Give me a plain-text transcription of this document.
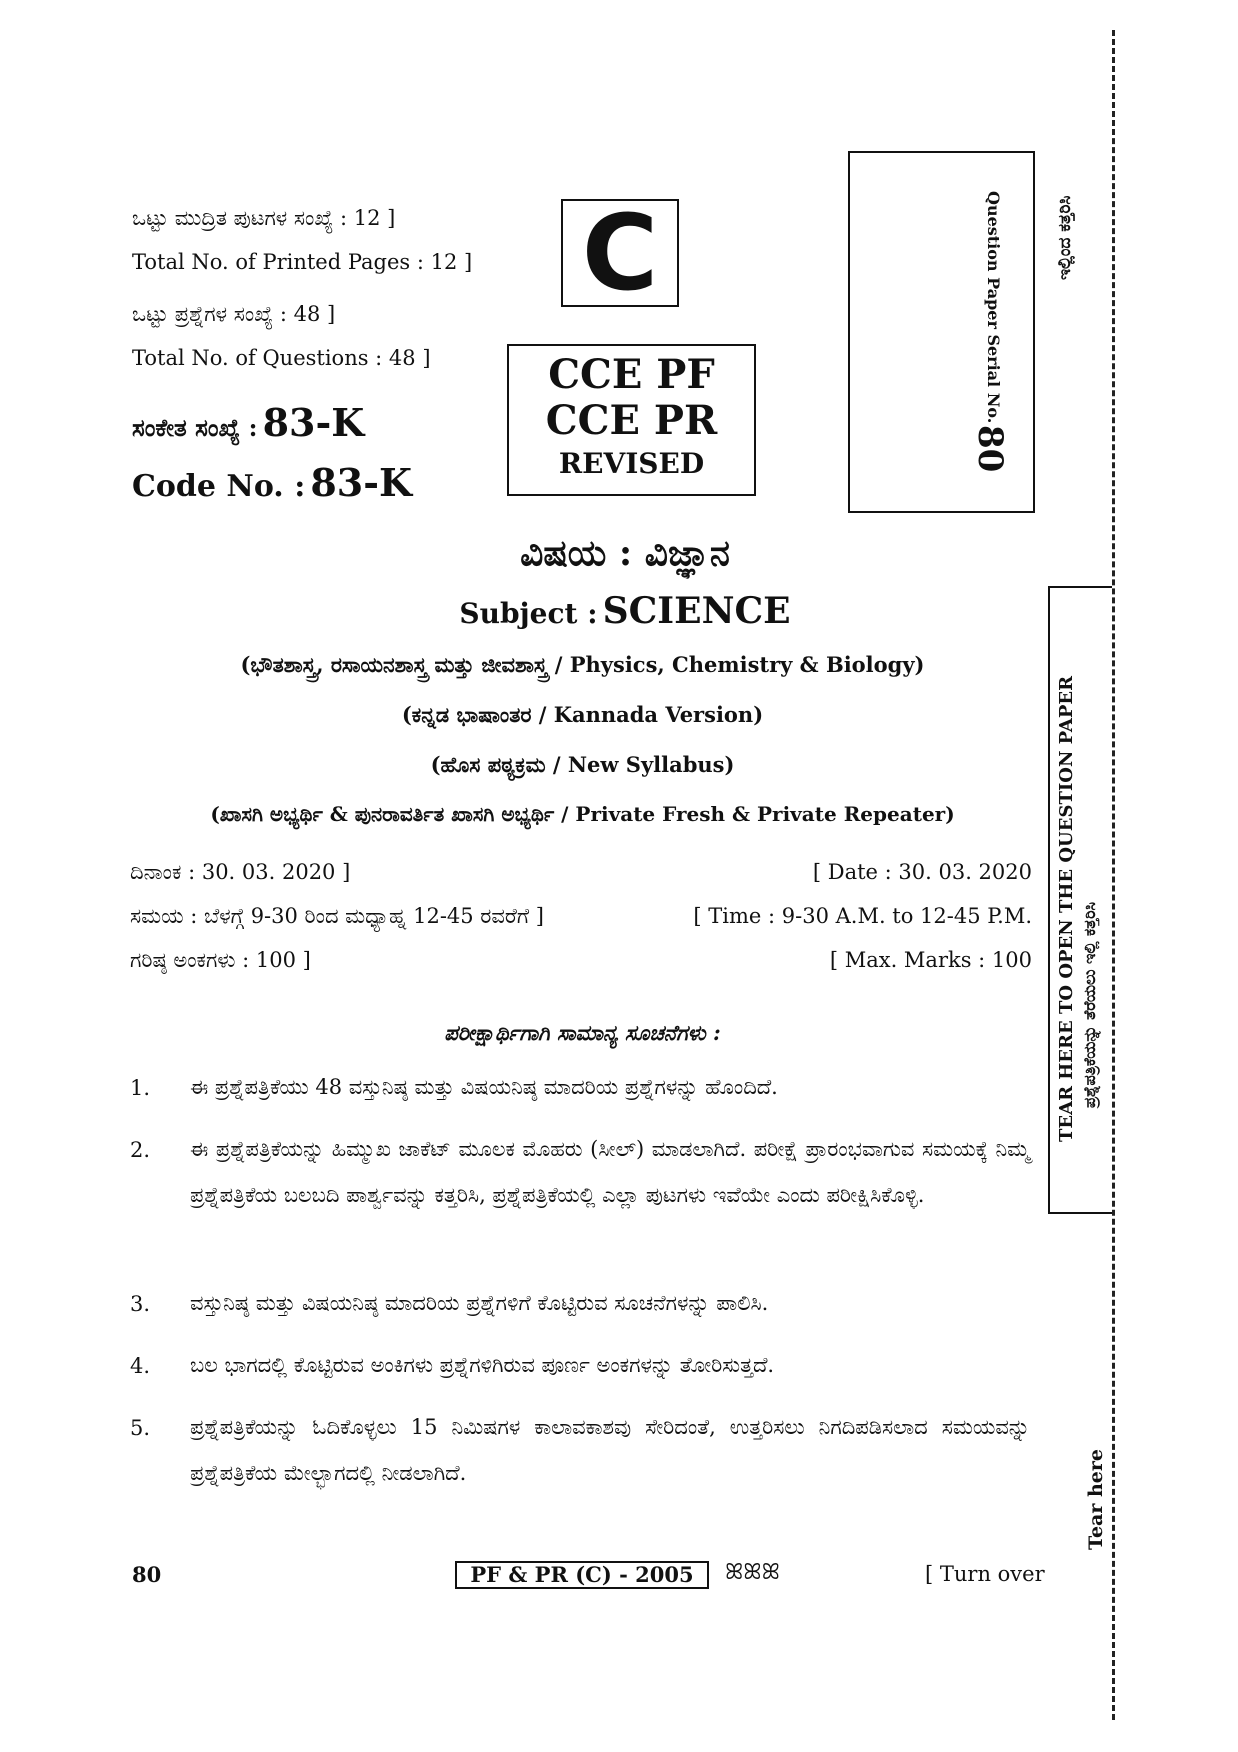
ಒಟ್ಟು ಮುದ್ರಿತ ಪುಟಗಳ ಸಂಖ್ಯೆ : 12 ]
Total No. of Printed Pages : 12 ]
ಒಟ್ಟು ಪ್ರಶ್ನೆಗಳ ಸಂಖ್ಯೆ : 48 ]
Total No. of Questions : 48 ]
ಸಂಕೇತ ಸಂಖ್ಯೆ : 83-K
Code No. : 83-K
C
CCE PF
CCE PR
REVISED
Question Paper Serial No.
80
ಇಲ್ಲಿಂದ ಕತ್ತರಿಸಿ
ವಿಷಯ : ವಿಜ್ಞಾನ
Subject : SCIENCE
(ಭೌತಶಾಸ್ತ್ರ, ರಸಾಯನಶಾಸ್ತ್ರ ಮತ್ತು ಜೀವಶಾಸ್ತ್ರ / Physics, Chemistry & Biology)
(ಕನ್ನಡ ಭಾಷಾಂತರ / Kannada Version)
(ಹೊಸ ಪಠ್ಯಕ್ರಮ / New Syllabus)
(ಖಾಸಗಿ ಅಭ್ಯರ್ಥಿ & ಪುನರಾವರ್ತಿತ ಖಾಸಗಿ ಅಭ್ಯರ್ಥಿ / Private Fresh & Private Repeater)
ದಿನಾಂಕ : 30. 03. 2020 ]	[ Date : 30. 03. 2020
ಸಮಯ : ಬೆಳಗ್ಗೆ 9-30 ರಿಂದ ಮಧ್ಯಾಹ್ನ 12-45 ರವರೆಗೆ ]	[ Time : 9-30 A.M. to 12-45 P.M.
ಗರಿಷ್ಠ ಅಂಕಗಳು : 100 ]	[ Max. Marks : 100
ಪರೀಕ್ಷಾರ್ಥಿಗಾಗಿ ಸಾಮಾನ್ಯ ಸೂಚನೆಗಳು :
1. ಈ ಪ್ರಶ್ನೆಪತ್ರಿಕೆಯು 48 ವಸ್ತುನಿಷ್ಠ ಮತ್ತು ವಿಷಯನಿಷ್ಠ ಮಾದರಿಯ ಪ್ರಶ್ನೆಗಳನ್ನು ಹೊಂದಿದೆ.
2. ಈ ಪ್ರಶ್ನೆಪತ್ರಿಕೆಯನ್ನು ಹಿಮ್ಮುಖ ಜಾಕೆಟ್ ಮೂಲಕ ಮೊಹರು (ಸೀಲ್) ಮಾಡಲಾಗಿದೆ. ಪರೀಕ್ಷೆ ಪ್ರಾರಂಭವಾಗುವ ಸಮಯಕ್ಕೆ ನಿಮ್ಮ ಪ್ರಶ್ನೆಪತ್ರಿಕೆಯ ಬಲಬದಿ ಪಾರ್ಶ್ವವನ್ನು ಕತ್ತರಿಸಿ, ಪ್ರಶ್ನೆಪತ್ರಿಕೆಯಲ್ಲಿ ಎಲ್ಲಾ ಪುಟಗಳು ಇವೆಯೇ ಎಂದು ಪರೀಕ್ಷಿಸಿಕೊಳ್ಳಿ.
3. ವಸ್ತುನಿಷ್ಠ ಮತ್ತು ವಿಷಯನಿಷ್ಠ ಮಾದರಿಯ ಪ್ರಶ್ನೆಗಳಿಗೆ ಕೊಟ್ಟಿರುವ ಸೂಚನೆಗಳನ್ನು ಪಾಲಿಸಿ.
4. ಬಲ ಭಾಗದಲ್ಲಿ ಕೊಟ್ಟಿರುವ ಅಂಕಿಗಳು ಪ್ರಶ್ನೆಗಳಿಗಿರುವ ಪೂರ್ಣ ಅಂಕಗಳನ್ನು ತೋರಿಸುತ್ತದೆ.
5. ಪ್ರಶ್ನೆಪತ್ರಿಕೆಯನ್ನು ಓದಿಕೊಳ್ಳಲು 15 ನಿಮಿಷಗಳ ಕಾಲಾವಕಾಶವು ಸೇರಿದಂತೆ, ಉತ್ತರಿಸಲು ನಿಗದಿಪಡಿಸಲಾದ ಸಮಯವನ್ನು ಪ್ರಶ್ನೆಪತ್ರಿಕೆಯ ಮೇಲ್ಭಾಗದಲ್ಲಿ ನೀಡಲಾಗಿದೆ.
TEAR HERE TO OPEN THE QUESTION PAPER ಪ್ರಶ್ನೆಪತ್ರಿಕೆಯನ್ನು ತೆರೆಯಲು ಇಲ್ಲಿ ಕತ್ತರಿಸಿ
Tear here
80	PF & PR (C) - 2005	ꕤꕤꕤ	[ Turn over
